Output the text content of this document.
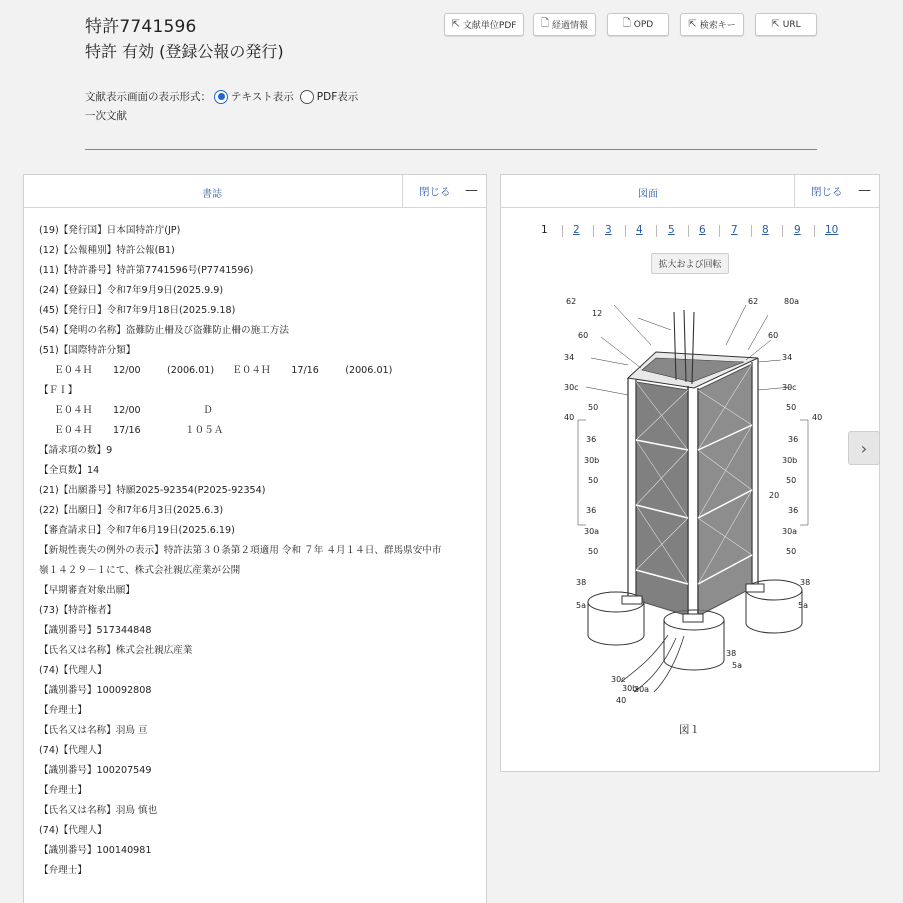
特許7741596
特許 有効 (登録公報の発行)
⇱ 文献単位PDF 🗋 経過情報	🗋 OPD	⇱ 検索キー	⇱ URL
文献表示画面の表示形式： テキスト表示 PDF表示
一次文献
書誌	閉じる —
(19)【発行国】日本国特許庁(JP)
(12)【公報種別】特許公報(B1)
(11)【特許番号】特許第7741596号(P7741596)
(24)【登録日】令和7年9月9日(2025.9.9)
(45)【発行日】令和7年9月18日(2025.9.18)
(54)【発明の名称】盗難防止柵及び盗難防止柵の施工方法
(51)【国際特許分類】
Ｅ０４Ｈ 12/00	(2006.01) Ｅ０４Ｈ 17/16	(2006.01)
【ＦＩ】
Ｅ０４Ｈ 12/00	Ｄ
Ｅ０４Ｈ 17/16	１０５Ａ
【請求項の数】9
【全頁数】14
(21)【出願番号】特願2025-92354(P2025-92354)
(22)【出願日】令和7年6月3日(2025.6.3)
【審査請求日】令和7年6月19日(2025.6.19)
【新規性喪失の例外の表示】特許法第３０条第２項適用 令和 ７年 ４月１４日、群馬県安中市
嶺１４２９－１にて、株式会社親広産業が公開
【早期審査対象出願】
(73)【特許権者】
【識別番号】517344848
【氏名又は名称】株式会社親広産業
(74)【代理人】
【識別番号】100092808
【弁理士】
【氏名又は名称】羽鳥 亘
(74)【代理人】
【識別番号】100207549
【弁理士】
【氏名又は名称】羽鳥 慎也
(74)【代理人】
【識別番号】100140981
【弁理士】
図面	閉じる —
1 2 3 4 5 6 7 8 9 10
拡大および回転
62
12
62	80a
60	60
34	34
30c	30c
40	40
50	50
36	36
30b	30b
50	50
20
36	36
30a	30a
50	50
38	38
5a	5a
38
5a
30c
30b
30a
40
図１
›
